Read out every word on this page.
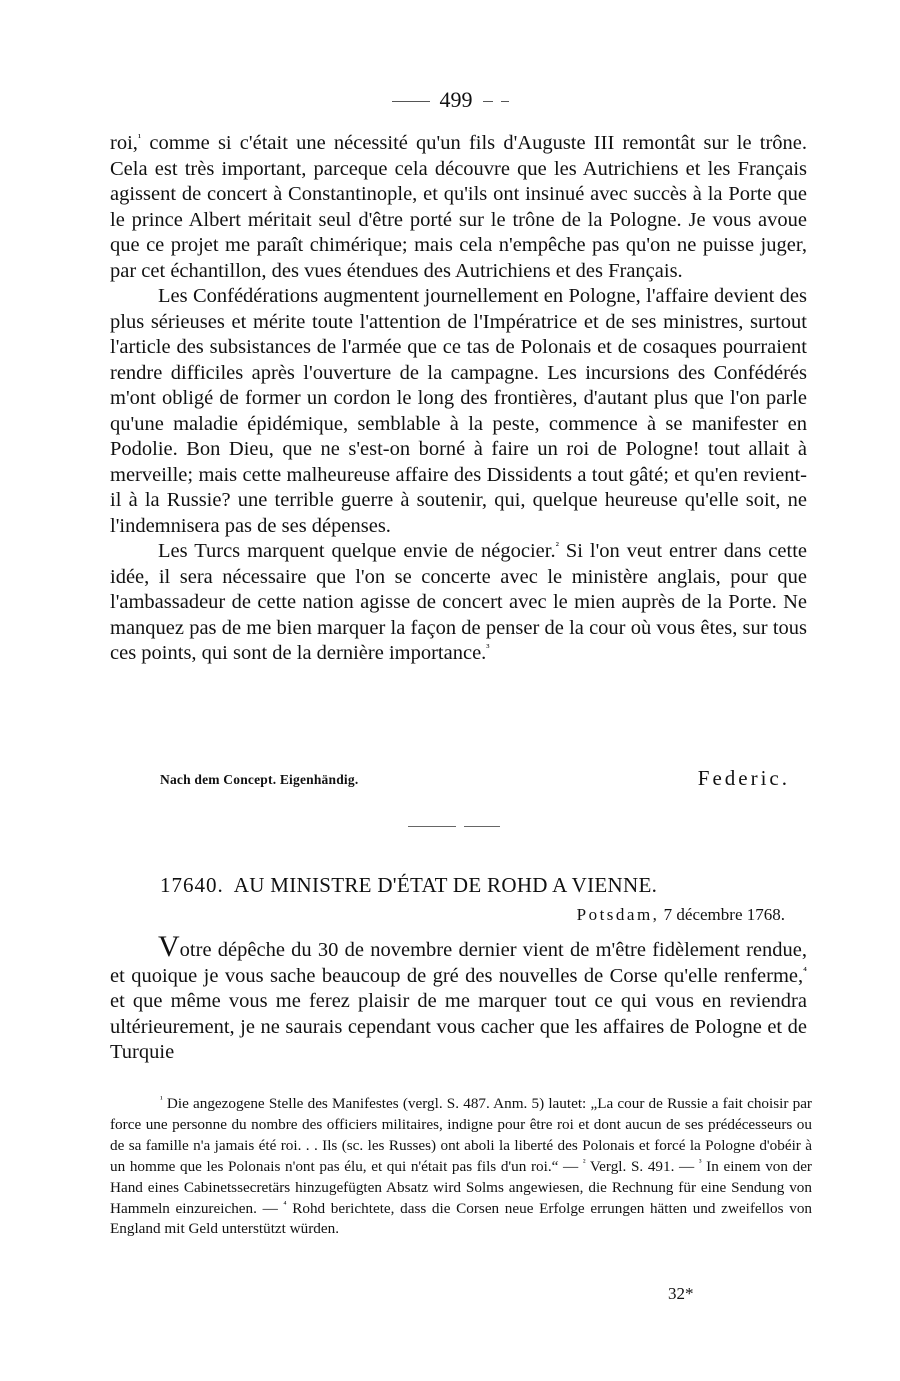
499

roi,$^{^1}$ comme si c'était une nécessité qu'un fils d'Auguste III remontât sur le trône. Cela est très important, parceque cela découvre que les Autrichiens et les Français agissent de concert à Constantinople, et qu'ils ont insinué avec succès à la Porte que le prince Albert méritait seul d'être porté sur le trône de la Pologne. Je vous avoue que ce projet me paraît chimérique; mais cela n'empêche pas qu'on ne puisse juger, par cet échantillon, des vues étendues des Autrichiens et des Français.

Les Confédérations augmentent journellement en Pologne, l'affaire devient des plus sérieuses et mérite toute l'attention de l'Impératrice et de ses ministres, surtout l'article des subsistances de l'armée que ce tas de Polonais et de cosaques pourraient rendre difficiles après l'ouverture de la campagne. Les incursions des Confédérés m'ont obligé de former un cordon le long des frontières, d'autant plus que l'on parle qu'une maladie épidémique, semblable à la peste, commence à se manifester en Podolie. Bon Dieu, que ne s'est-on borné à faire un roi de Pologne! tout allait à merveille; mais cette malheureuse affaire des Dissidents a tout gâté; et qu'en revient-il à la Russie? une terrible guerre à soutenir, qui, quelque heureuse qu'elle soit, ne l'indemnisera pas de ses dépenses.

Les Turcs marquent quelque envie de négocier.$^{^2}$ Si l'on veut entrer dans cette idée, il sera nécessaire que l'on se concerte avec le ministère anglais, pour que l'ambassadeur de cette nation agisse de concert avec le mien auprès de la Porte. Ne manquez pas de me bien marquer la façon de penser de la cour où vous êtes, sur tous ces points, qui sont de la dernière importance.$^{^3}$

Nach dem Concept. Eigenhändig.	Federic.
17640. AU MINISTRE D'ÉTAT DE ROHD A VIENNE.
Potsdam, 7 décembre 1768.

Votre dépêche du 30 de novembre dernier vient de m'être fidèlement rendue, et quoique je vous sache beaucoup de gré des nouvelles de Corse qu'elle renferme,$^{^4}$ et que même vous me ferez plaisir de me marquer tout ce qui vous en reviendra ultérieurement, je ne saurais cependant vous cacher que les affaires de Pologne et de Turquie

$^{^1}$ Die angezogene Stelle des Manifestes (vergl. S. 487. Anm. 5) lautet: „La cour de Russie a fait choisir par force une personne du nombre des officiers militaires, indigne pour être roi et dont aucun de ses prédécesseurs ou de sa famille n'a jamais été roi. . . Ils (sc. les Russes) ont aboli la liberté des Polonais et forcé la Pologne d'obéir à un homme que les Polonais n'ont pas élu, et qui n'était pas fils d'un roi.“ — $^{^2}$ Vergl. S. 491. — $^{^3}$ In einem von der Hand eines Cabinetssecretärs hinzugefügten Absatz wird Solms angewiesen, die Rechnung für eine Sendung von Hammeln einzureichen. — $^{^4}$ Rohd berichtete, dass die Corsen neue Erfolge errungen hätten und zweifellos von England mit Geld unterstützt würden.

32*
